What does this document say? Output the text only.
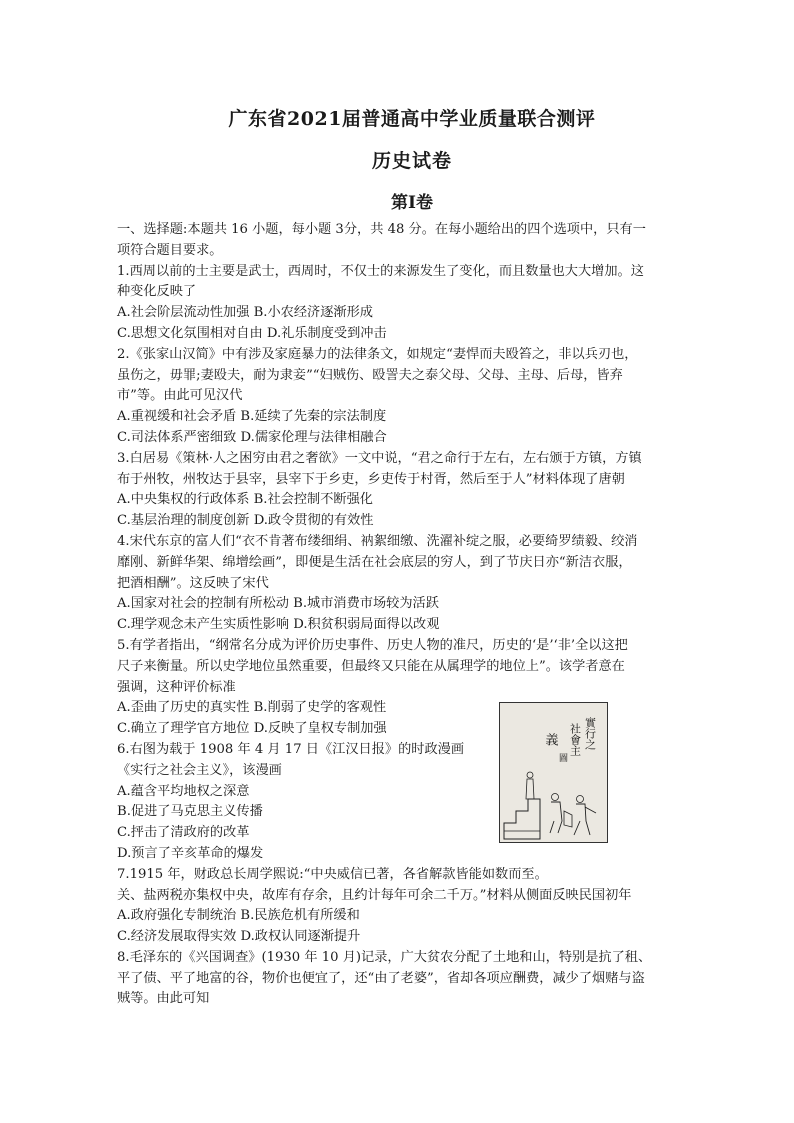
广东省2021届普通高中学业质量联合测评
历史试卷
第I卷

一、选择题:本题共 16 小题，每小题 3分，共 48 分。在每小题给出的四个选项中，只有一

项符合题目要求。

1.西周以前的士主要是武士，西周时，不仅士的来源发生了变化，而且数量也大大增加。这

种变化反映了

A.社会阶层流动性加强 B.小农经济逐渐形成

C.思想文化氛围相对自由 D.礼乐制度受到冲击

2.《张家山汉简》中有涉及家庭暴力的法律条文，如规定“妻悍而夫殴笞之，非以兵刃也，

虽伤之，毋罪;妻殴夫，耐为隶妾”“妇贼伤、殴詈夫之泰父母、父母、主母、后母，皆弃

市”等。由此可见汉代

A.重视缓和社会矛盾 B.延续了先秦的宗法制度

C.司法体系严密细致 D.儒家伦理与法律相融合

3.白居易《策林·人之困穷由君之奢欲》一文中说，“君之命行于左右，左右颁于方镇，方镇

布于州牧，州牧达于县宰，县宰下于乡吏，乡吏传于村胥，然后至于人”材料体现了唐朝

A.中央集权的行政体系 B.社会控制不断强化

C.基层治理的制度创新 D.政令贯彻的有效性

4.宋代东京的富人们“衣不肯著布缕细绢、衲絮细缴、洗濯补绽之服，必要绮罗绩毅、绞消

靡刚、新鲜华架、绵增绘画”，即便是生活在社会底层的穷人，到了节庆日亦“新洁衣服，

把酒相酬”。这反映了宋代

A.国家对社会的控制有所松动 B.城市消费市场较为活跃

C.理学观念未产生实质性影响 D.积贫积弱局面得以改观

5.有学者指出，“纲常名分成为评价历史事件、历史人物的准尺，历史的‘是’‘非’全以这把

尺子来衡量。所以史学地位虽然重要，但最终又只能在从属理学的地位上”。该学者意在

强调，这种评价标准

A.歪曲了历史的真实性 B.削弱了史学的客观性

C.确立了理学官方地位 D.反映了皇权专制加强

6.右图为载于 1908 年 4 月 17 日《江汉日报》的时政漫画

《实行之社会主义》，该漫画

A.蕴含平均地权之深意

B.促进了马克思主义传播

C.抨击了清政府的改革

D.预言了辛亥革命的爆发

7.1915 年，财政总长周学熙说:“中央威信已著，各省解款皆能如数而至。

关、盐两税亦集权中央，故库有存余，且约计每年可余二千万。”材料从侧面反映民国初年

A.政府强化专制统治 B.民族危机有所缓和

C.经济发展取得实效 D.政权认同逐渐提升

8.毛泽东的《兴国调查》(1930 年 10 月)记录，广大贫农分配了土地和山，特别是抗了租、

平了债、平了地富的谷，物价也便宜了，还“由了老婆”，省却各项应酬费，减少了烟赌与盗

贼等。由此可知

實行之
社會主
義
圖
